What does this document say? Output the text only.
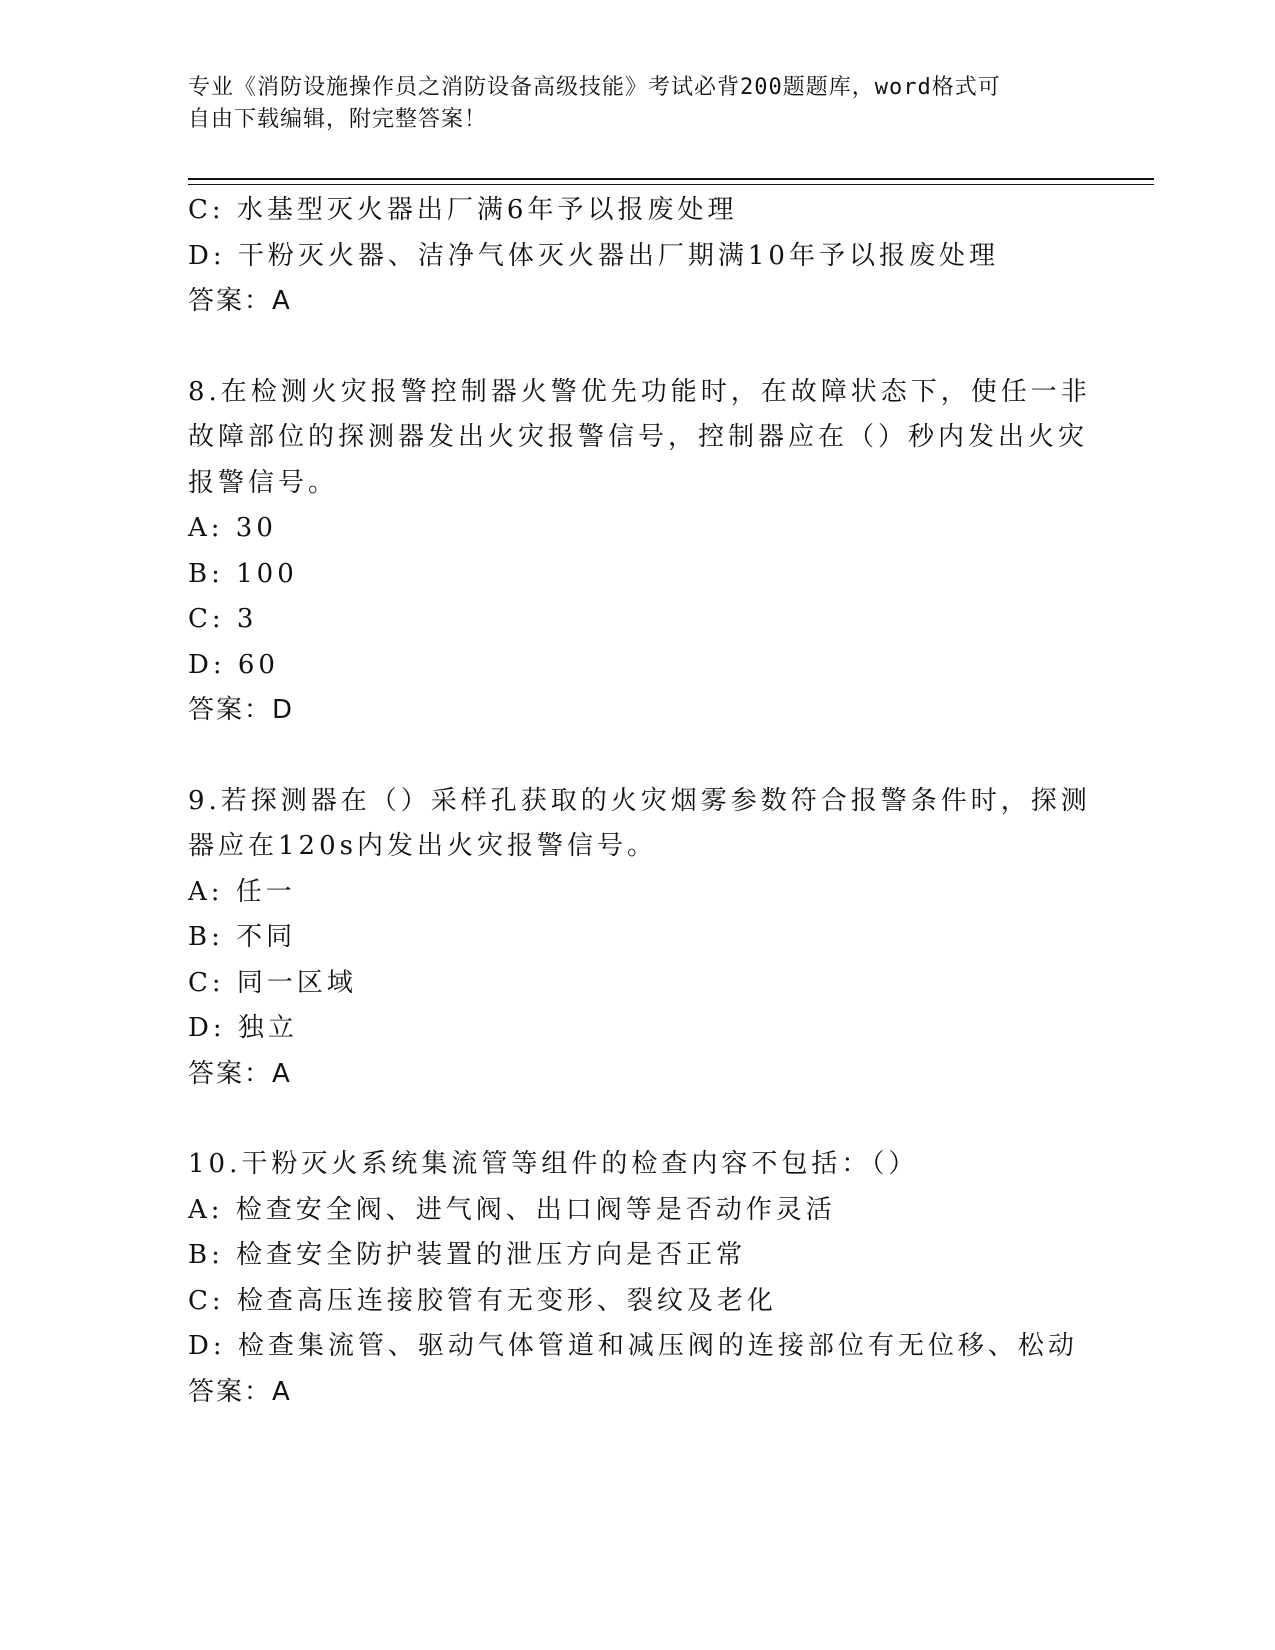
专业《消防设施操作员之消防设备高级技能》考试必背200题题库，word格式可
自由下载编辑，附完整答案！
C: 水基型灭火器出厂满6年予以报废处理
D: 干粉灭火器、洁净气体灭火器出厂期满10年予以报废处理
答案：A
8.在检测火灾报警控制器火警优先功能时，在故障状态下，使任一非
故障部位的探测器发出火灾报警信号，控制器应在（）秒内发出火灾
报警信号。
A: 30
B: 100
C: 3
D: 60
答案：D
9.若探测器在（）采样孔获取的火灾烟雾参数符合报警条件时，探测
器应在120s内发出火灾报警信号。
A: 任一
B: 不同
C: 同一区域
D: 独立
答案：A
10.干粉灭火系统集流管等组件的检查内容不包括：（）
A: 检查安全阀、进气阀、出口阀等是否动作灵活
B: 检查安全防护装置的泄压方向是否正常
C: 检查高压连接胶管有无变形、裂纹及老化
D: 检查集流管、驱动气体管道和减压阀的连接部位有无位移、松动
答案：A
